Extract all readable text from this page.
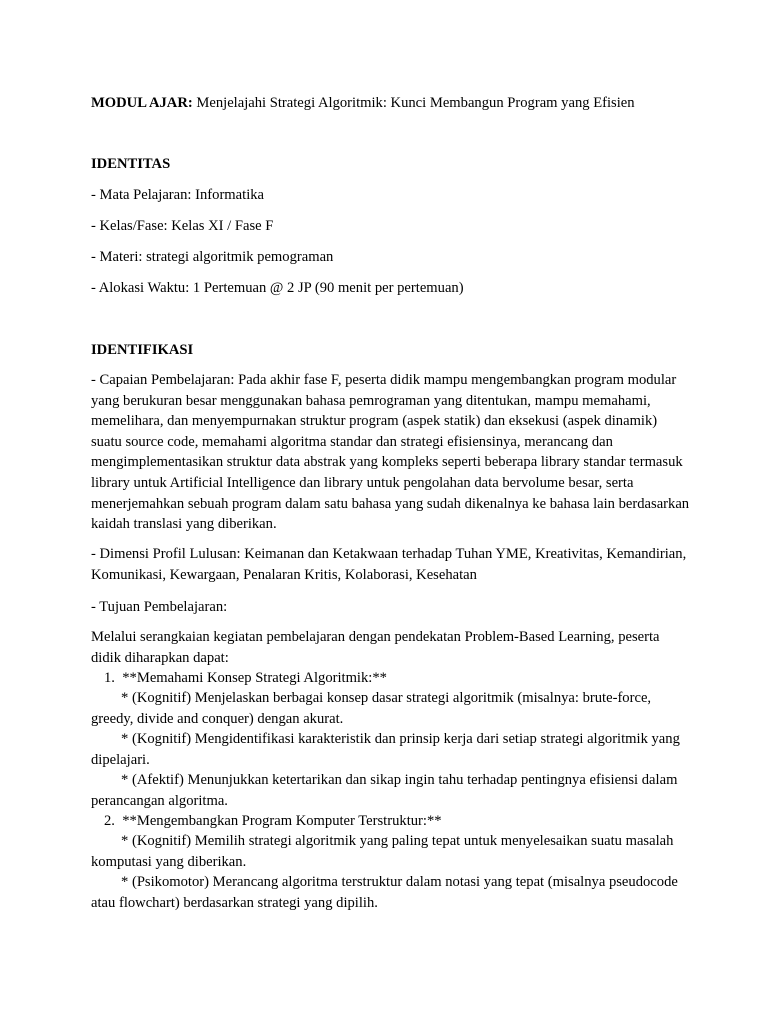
MODUL AJAR: Menjelajahi Strategi Algoritmik: Kunci Membangun Program yang Efisien
IDENTITAS
- Mata Pelajaran: Informatika
- Kelas/Fase: Kelas XI / Fase F
- Materi: strategi algoritmik pemograman
- Alokasi Waktu: 1 Pertemuan @ 2 JP (90 menit per pertemuan)
IDENTIFIKASI
- Capaian Pembelajaran: Pada akhir fase F, peserta didik mampu mengembangkan program modular yang berukuran besar menggunakan bahasa pemrograman yang ditentukan, mampu memahami, memelihara, dan menyempurnakan struktur program (aspek statik) dan eksekusi (aspek dinamik) suatu source code, memahami algoritma standar dan strategi efisiensinya, merancang dan mengimplementasikan struktur data abstrak yang kompleks seperti beberapa library standar termasuk library untuk Artificial Intelligence dan library untuk pengolahan data bervolume besar, serta menerjemahkan sebuah program dalam satu bahasa yang sudah dikenalnya ke bahasa lain berdasarkan kaidah translasi yang diberikan.
- Dimensi Profil Lulusan: Keimanan dan Ketakwaan terhadap Tuhan YME, Kreativitas, Kemandirian, Komunikasi, Kewargaan, Penalaran Kritis, Kolaborasi, Kesehatan
- Tujuan Pembelajaran:
Melalui serangkaian kegiatan pembelajaran dengan pendekatan Problem-Based Learning, peserta didik diharapkan dapat:
1. **Memahami Konsep Strategi Algoritmik:**
* (Kognitif) Menjelaskan berbagai konsep dasar strategi algoritmik (misalnya: brute-force, greedy, divide and conquer) dengan akurat.
* (Kognitif) Mengidentifikasi karakteristik dan prinsip kerja dari setiap strategi algoritmik yang dipelajari.
* (Afektif) Menunjukkan ketertarikan dan sikap ingin tahu terhadap pentingnya efisiensi dalam perancangan algoritma.
2. **Mengembangkan Program Komputer Terstruktur:**
* (Kognitif) Memilih strategi algoritmik yang paling tepat untuk menyelesaikan suatu masalah komputasi yang diberikan.
* (Psikomotor) Merancang algoritma terstruktur dalam notasi yang tepat (misalnya pseudocode atau flowchart) berdasarkan strategi yang dipilih.
